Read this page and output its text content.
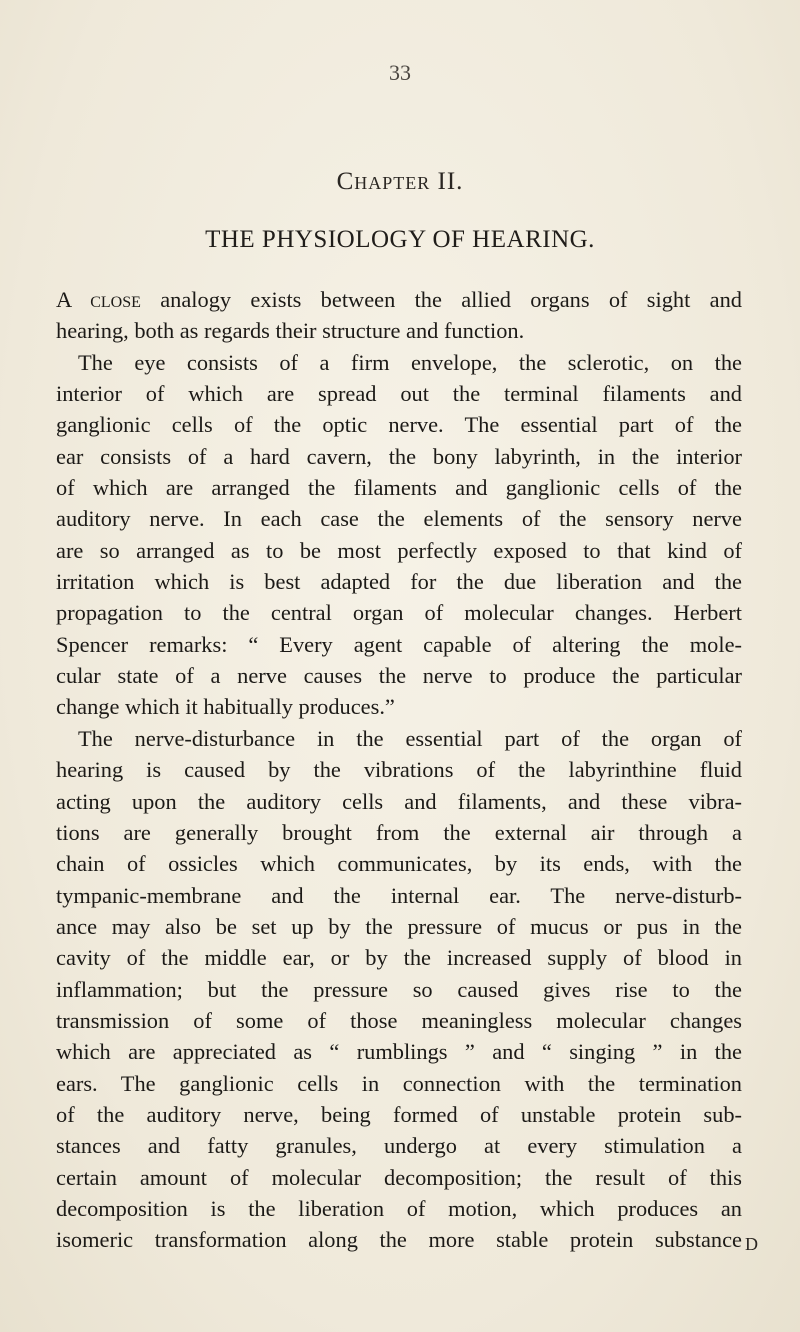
33
Chapter II.
THE PHYSIOLOGY OF HEARING.
A close analogy exists between the allied organs of sight and
hearing, both as regards their structure and function.
The eye consists of a firm envelope, the sclerotic, on the
interior of which are spread out the terminal filaments and
ganglionic cells of the optic nerve. The essential part of the
ear consists of a hard cavern, the bony labyrinth, in the interior
of which are arranged the filaments and ganglionic cells of the
auditory nerve. In each case the elements of the sensory nerve
are so arranged as to be most perfectly exposed to that kind of
irritation which is best adapted for the due liberation and the
propagation to the central organ of molecular changes. Herbert
Spencer remarks: “ Every agent capable of altering the mole-
cular state of a nerve causes the nerve to produce the particular
change which it habitually produces.”
The nerve-disturbance in the essential part of the organ of
hearing is caused by the vibrations of the labyrinthine fluid
acting upon the auditory cells and filaments, and these vibra-
tions are generally brought from the external air through a
chain of ossicles which communicates, by its ends, with the
tympanic-membrane and the internal ear. The nerve-disturb-
ance may also be set up by the pressure of mucus or pus in the
cavity of the middle ear, or by the increased supply of blood in
inflammation; but the pressure so caused gives rise to the
transmission of some of those meaningless molecular changes
which are appreciated as “ rumblings ” and “ singing ” in the
ears. The ganglionic cells in connection with the termination
of the auditory nerve, being formed of unstable protein sub-
stances and fatty granules, undergo at every stimulation a
certain amount of molecular decomposition; the result of this
decomposition is the liberation of motion, which produces an
isomeric transformation along the more stable protein substance D
